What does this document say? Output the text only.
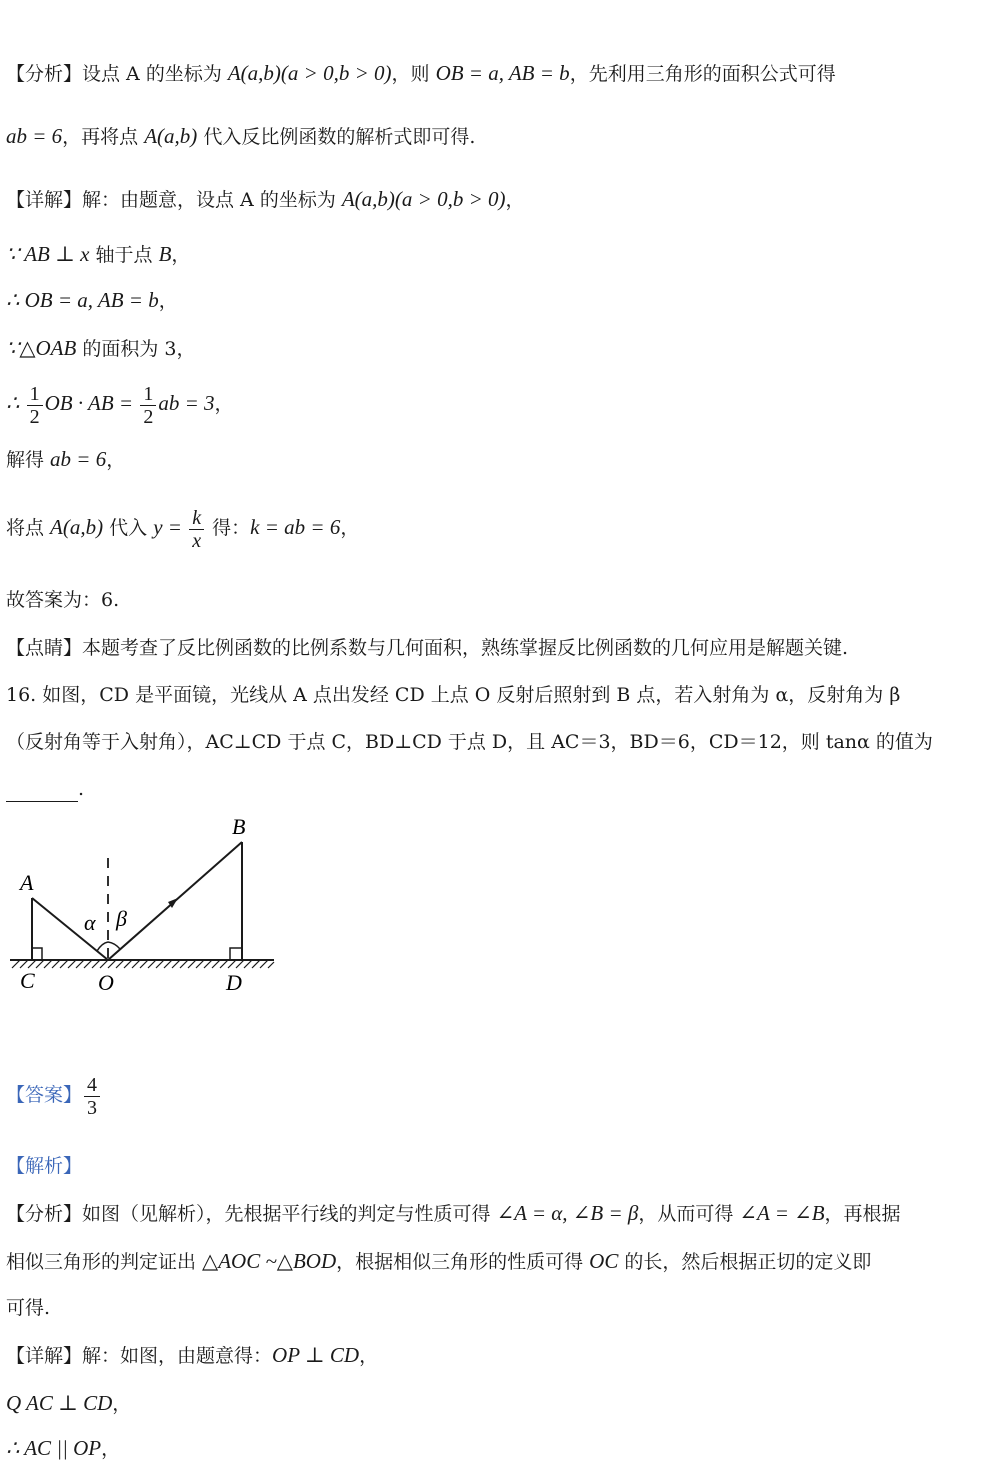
【分析】设点 A 的坐标为 A(a,b)(a > 0,b > 0)，则 OB = a, AB = b，先利用三角形的面积公式可得
ab = 6，再将点 A(a,b) 代入反比例函数的解析式即可得.
【详解】解：由题意，设点 A 的坐标为 A(a,b)(a > 0,b > 0)，
∵ AB ⊥ x 轴于点 B，
∴ OB = a, AB = b，
∵△OAB 的面积为 3，
∴ $\frac{1}{2}$ OB · AB = $\frac{1}{2}$ ab = 3，
解得 ab = 6，
将点 A(a,b) 代入 $y = \frac{k}{x}$ 得：k = ab = 6，
故答案为：6.
【点睛】本题考查了反比例函数的比例系数与几何面积，熟练掌握反比例函数的几何应用是解题关键.
16. 如图，CD 是平面镜，光线从 A 点出发经 CD 上点 O 反射后照射到 B 点，若入射角为 α，反射角为 β
（反射角等于入射角），AC⊥CD 于点 C，BD⊥CD 于点 D，且 AC＝3，BD＝6，CD＝12，则 tanα 的值为
.
A
B
C	O	D
α β
【答案】 $\frac{4}{3}$
【解析】
【分析】如图（见解析），先根据平行线的判定与性质可得 ∠A = α, ∠B = β，从而可得 ∠A = ∠B，再根据
相似三角形的判定证出 △AOC ~△BOD，根据相似三角形的性质可得 OC 的长，然后根据正切的定义即
可得.
【详解】解：如图，由题意得：OP ⊥ CD，
Q AC ⊥ CD，
∴ AC || OP，
